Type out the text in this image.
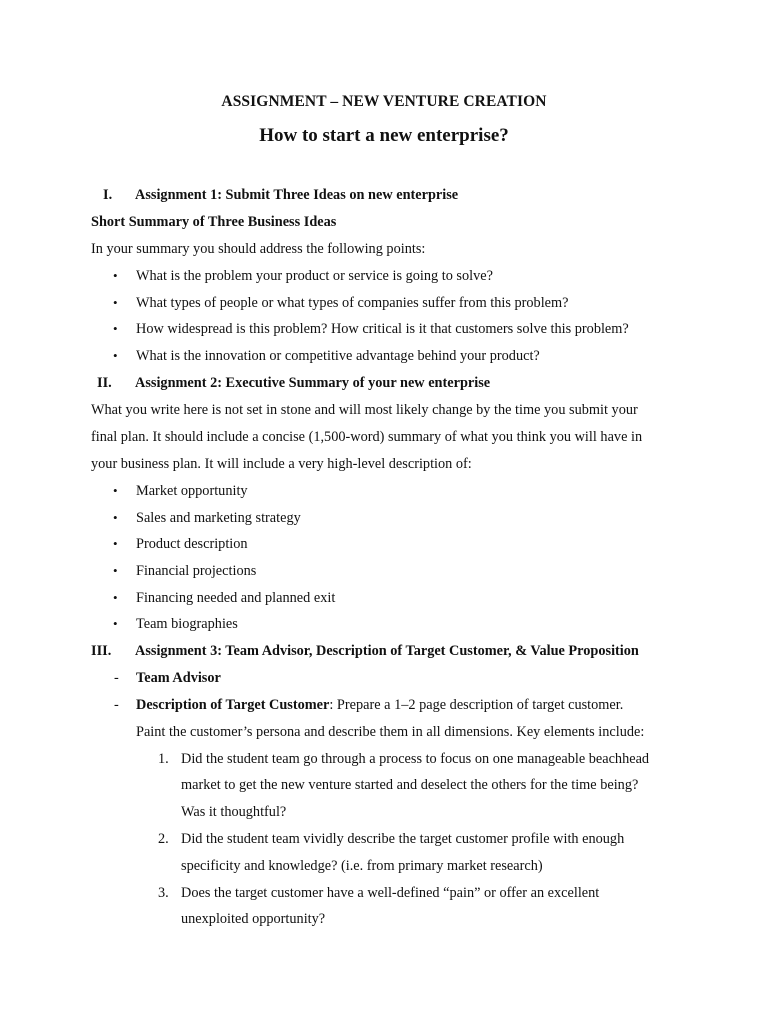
ASSIGNMENT – NEW VENTURE CREATION
How to start a new enterprise?
I. Assignment 1: Submit Three Ideas on new enterprise
Short Summary of Three Business Ideas
In your summary you should address the following points:
• What is the problem your product or service is going to solve?
• What types of people or what types of companies suffer from this problem?
• How widespread is this problem? How critical is it that customers solve this problem?
• What is the innovation or competitive advantage behind your product?
II. Assignment 2: Executive Summary of your new enterprise
What you write here is not set in stone and will most likely change by the time you submit your
final plan. It should include a concise (1,500-word) summary of what you think you will have in
your business plan. It will include a very high-level description of:
• Market opportunity
• Sales and marketing strategy
• Product description
• Financial projections
• Financing needed and planned exit
• Team biographies
III. Assignment 3: Team Advisor, Description of Target Customer, & Value Proposition
- Team Advisor
- Description of Target Customer: Prepare a 1–2 page description of target customer.
Paint the customer’s persona and describe them in all dimensions. Key elements include:
1. Did the student team go through a process to focus on one manageable beachhead
market to get the new venture started and deselect the others for the time being?
Was it thoughtful?
2. Did the student team vividly describe the target customer profile with enough
specificity and knowledge? (i.e. from primary market research)
3. Does the target customer have a well-defined “pain” or offer an excellent
unexploited opportunity?
